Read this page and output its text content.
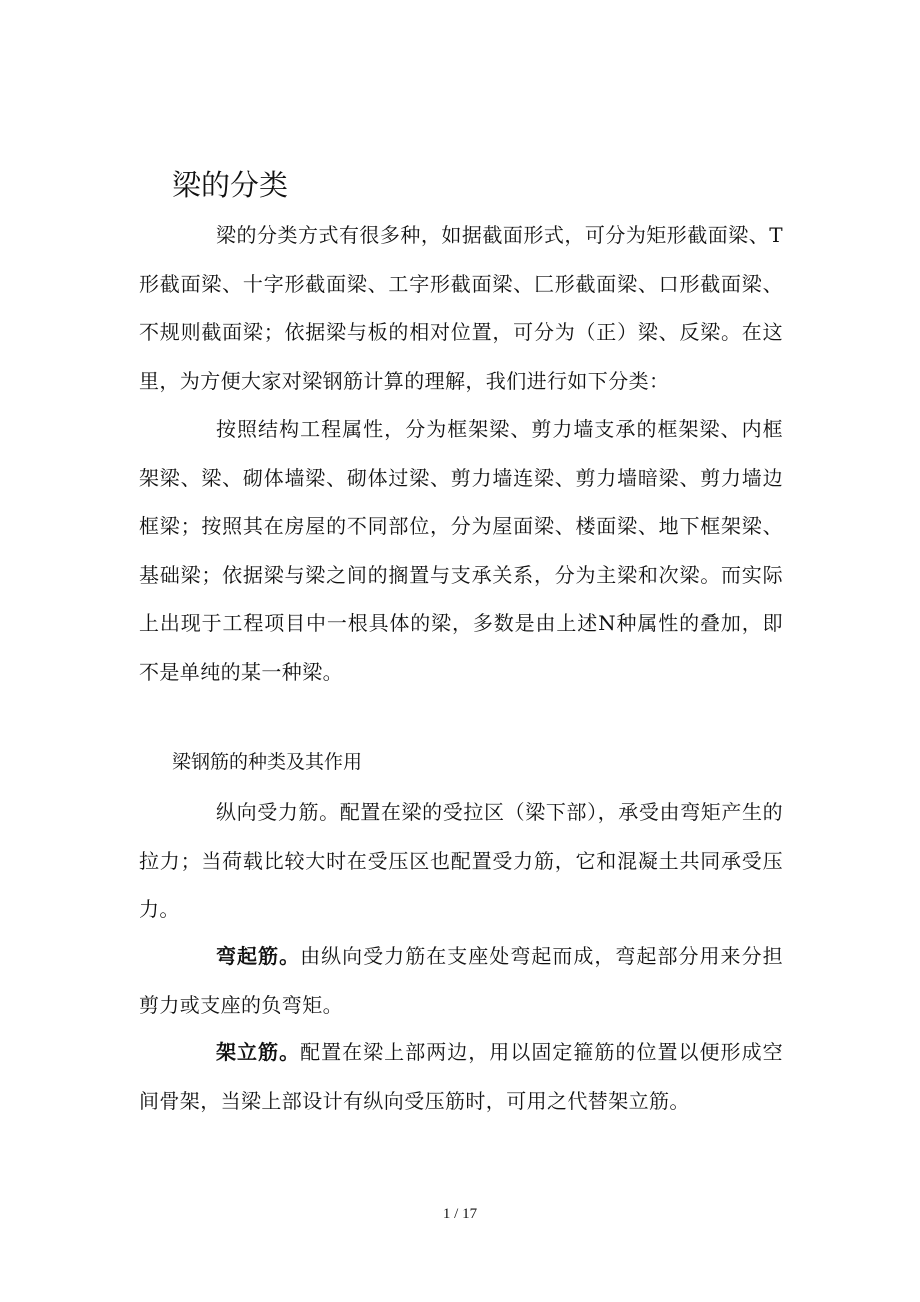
梁的分类

梁的分类方式有很多种，如据截面形式，可分为矩形截面梁、T形截面梁、十字形截面梁、工字形截面梁、匚形截面梁、口形截面梁、不规则截面梁；依据梁与板的相对位置，可分为（正）梁、反梁。在这里，为方便大家对梁钢筋计算的理解，我们进行如下分类：

按照结构工程属性，分为框架梁、剪力墙支承的框架梁、内框架梁、梁、砌体墙梁、砌体过梁、剪力墙连梁、剪力墙暗梁、剪力墙边框梁；按照其在房屋的不同部位，分为屋面梁、楼面梁、地下框架梁、基础梁；依据梁与梁之间的搁置与支承关系，分为主梁和次梁。而实际上出现于工程项目中一根具体的梁，多数是由上述N种属性的叠加，即不是单纯的某一种梁。

梁钢筋的种类及其作用

纵向受力筋。配置在梁的受拉区（梁下部），承受由弯矩产生的拉力；当荷载比较大时在受压区也配置受力筋，它和混凝土共同承受压力。

弯起筋。由纵向受力筋在支座处弯起而成，弯起部分用来分担剪力或支座的负弯矩。

架立筋。配置在梁上部两边，用以固定箍筋的位置以便形成空间骨架，当梁上部设计有纵向受压筋时，可用之代替架立筋。

1 / 17
